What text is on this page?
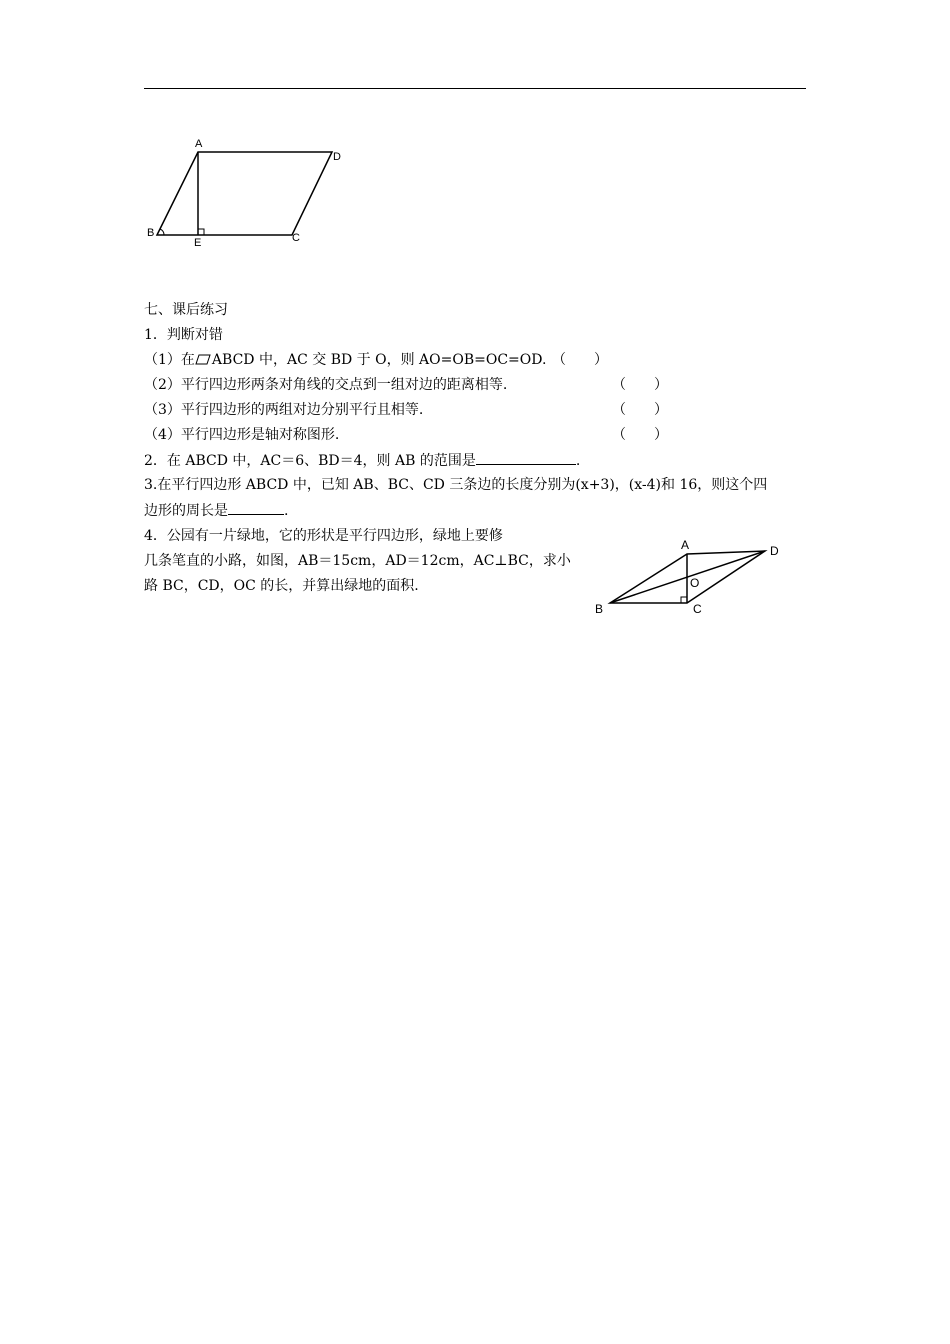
A
D
B
E	C
七、课后练习
1．判断对错
（1）在 ABCD 中，AC 交 BD 于 O，则 AO=OB=OC=OD. （　　）
（2）平行四边形两条对角线的交点到一组对边的距离相等.	（　　）
（3）平行四边形的两组对边分别平行且相等.	（　　）
（4）平行四边形是轴对称图形.	（　　）
2．在 ABCD 中，AC＝6、BD＝4，则 AB 的范围是	.
3.在平行四边形 ABCD 中，已知 AB、BC、CD 三条边的长度分别为(x+3)，(x-4)和 16，则这个四
边形的周长是	.
4．公园有一片绿地，它的形状是平行四边形，绿地上要修
几条笔直的小路，如图，AB＝15cm，AD＝12cm，AC⊥BC，求小
路 BC，CD，OC 的长，并算出绿地的面积.
A	D
O
B	C
